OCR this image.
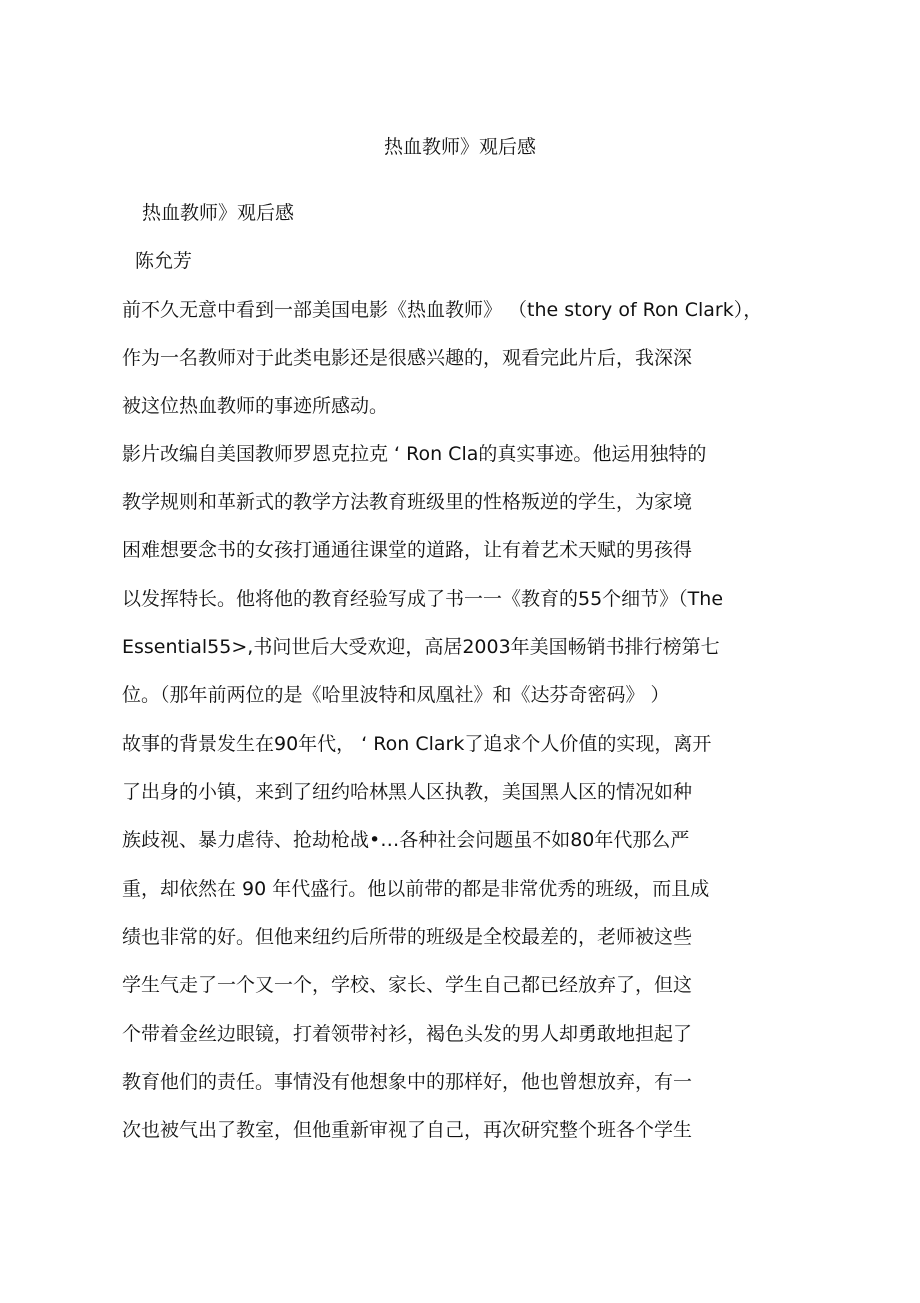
热血教师》观后感
热血教师》观后感
陈允芳
前不久无意中看到一部美国电影《热血教师》 （the story of Ron Clark），
作为一名教师对于此类电影还是很感兴趣的，观看完此片后，我深深
被这位热血教师的事迹所感动。
影片改编自美国教师罗恩克拉克 ‘ Ron Cla的真实事迹。他运用独特的
教学规则和革新式的教学方法教育班级里的性格叛逆的学生，为家境
困难想要念书的女孩打通通往课堂的道路，让有着艺术天赋的男孩得
以发挥特长。他将他的教育经验写成了书一一《教育的55个细节》（The
Essential55>,书问世后大受欢迎，高居2003年美国畅销书排行榜第七
位。（那年前两位的是《哈里波特和凤凰社》和《达芬奇密码》 ）
故事的背景发生在90年代， ‘ Ron Clark了追求个人价值的实现，离开
了出身的小镇，来到了纽约哈林黑人区执教，美国黑人区的情况如种
族歧视、暴力虐待、抢劫枪战•…各种社会问题虽不如80年代那么严
重，却依然在 90 年代盛行。他以前带的都是非常优秀的班级，而且成
绩也非常的好。但他来纽约后所带的班级是全校最差的，老师被这些
学生气走了一个又一个，学校、家长、学生自己都已经放弃了，但这
个带着金丝边眼镜，打着领带衬衫，褐色头发的男人却勇敢地担起了
教育他们的责任。事情没有他想象中的那样好，他也曾想放弃，有一
次也被气出了教室，但他重新审视了自己，再次研究整个班各个学生
